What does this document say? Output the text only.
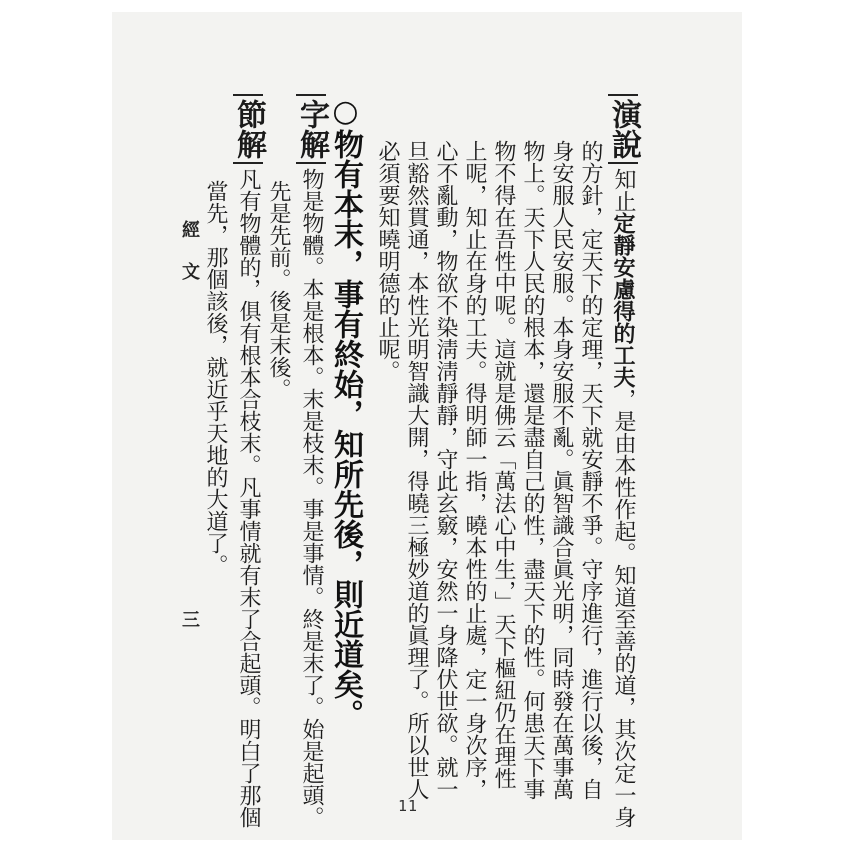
演說知止定靜安慮得的工夫，是由本性作起。知道至善的道，其次定一身
的方針，定天下的定理，天下就安靜不爭。守序進行，進行以後，自
身安服人民安服。本身安服不亂。眞智識合眞光明，同時發在萬事萬
物上。天下人民的根本，還是盡自己的性，盡天下的性。何患天下事
物不得在吾性中呢。這就是佛云「萬法心中生，」天下樞紐仍在理性
上呢，知止在身的工夫。得明師一指，曉本性的止處，定一身次序，
心不亂動，物欲不染淸淸靜靜，守此玄竅，安然一身降伏世欲。就一
旦豁然貫通，本性光明智識大開，得曉三極妙道的眞理了。所以世人
必須要知曉明德的止呢。
○物有本末，事有終始，知所先後，則近道矣。
字解物是物體。本是根本。末是枝末。事是事情。終是末了。始是起頭。
先是先前。後是末後。
節解凡有物體的，俱有根本合枝末。凡事情就有末了合起頭。明白了那個
當先，那個該後，就近乎天地的大道了。
經文
三
11
